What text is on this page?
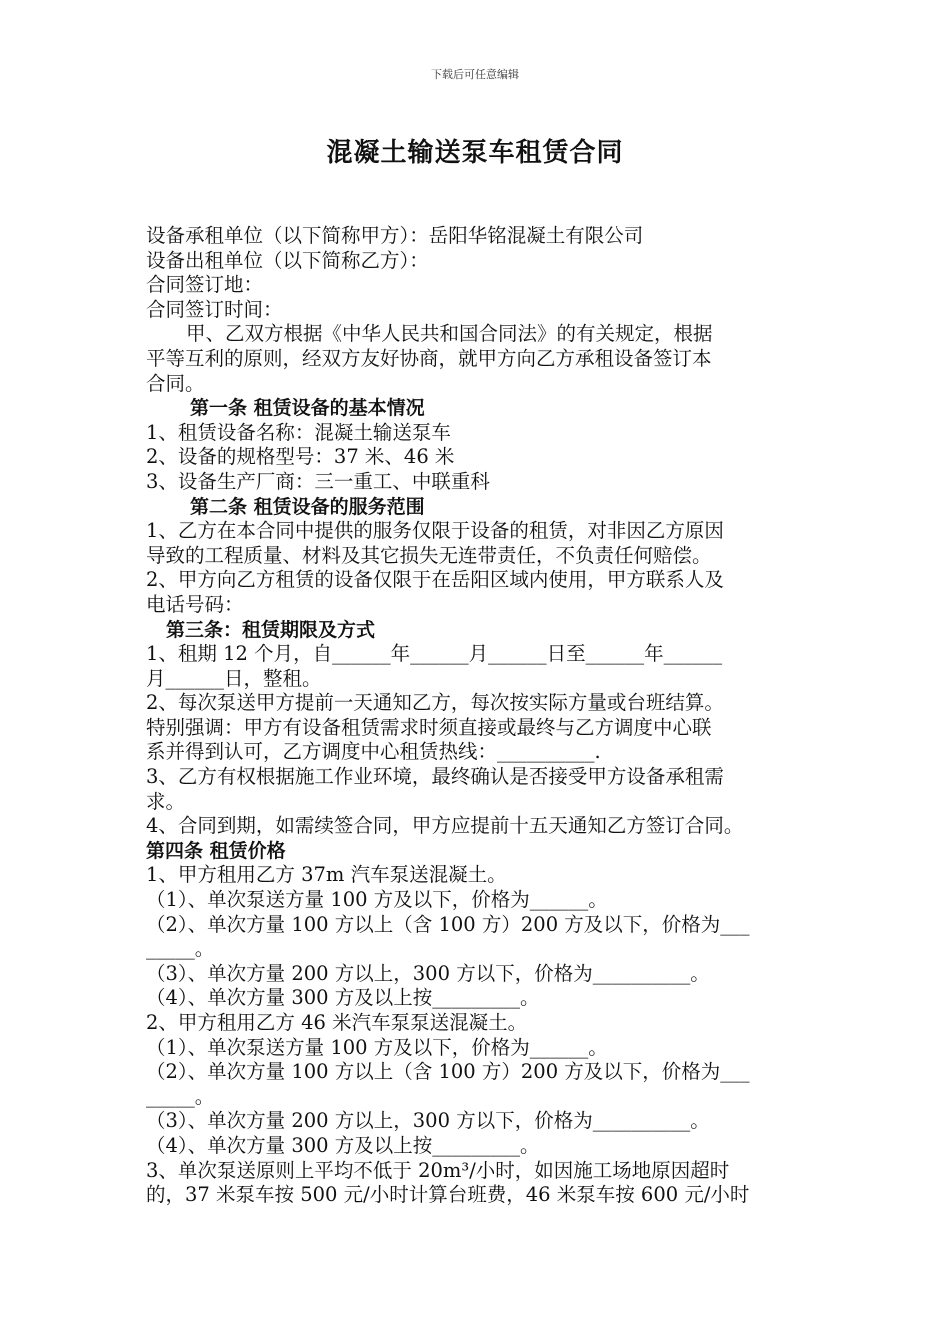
下载后可任意编辑
混凝土输送泵车租赁合同
设备承租单位（以下简称甲方）：岳阳华铭混凝土有限公司
设备出租单位（以下简称乙方）：
合同签订地：
合同签订时间：
甲、乙双方根据《中华人民共和国合同法》的有关规定，根据
平等互利的原则，经双方友好协商，就甲方向乙方承租设备签订本
合同。
第一条 租赁设备的基本情况
1、租赁设备名称：混凝土输送泵车
2、设备的规格型号：37 米、46 米
3、设备生产厂商：三一重工、中联重科
第二条 租赁设备的服务范围
1、乙方在本合同中提供的服务仅限于设备的租赁，对非因乙方原因
导致的工程质量、材料及其它损失无连带责任，不负责任何赔偿。
2、甲方向乙方租赁的设备仅限于在岳阳区域内使用，甲方联系人及
电话号码：
第三条：租赁期限及方式
1、租期 12 个月，自______年______月______日至______年______
月______日，整租。
2、每次泵送甲方提前一天通知乙方，每次按实际方量或台班结算。
特别强调：甲方有设备租赁需求时须直接或最终与乙方调度中心联
系并得到认可，乙方调度中心租赁热线：__________.
3、乙方有权根据施工作业环境，最终确认是否接受甲方设备承租需
求。
4、合同到期，如需续签合同，甲方应提前十五天通知乙方签订合同。
第四条 租赁价格
1、甲方租用乙方 37m 汽车泵送混凝土。
（1）、单次泵送方量 100 方及以下，价格为______。
（2）、单次方量 100 方以上（含 100 方）200 方及以下，价格为___
_____。
（3）、单次方量 200 方以上，300 方以下，价格为__________。
（4）、单次方量 300 方及以上按_________。
2、甲方租用乙方 46 米汽车泵泵送混凝土。
（1）、单次泵送方量 100 方及以下，价格为______。
（2）、单次方量 100 方以上（含 100 方）200 方及以下，价格为___
_____。
（3）、单次方量 200 方以上，300 方以下，价格为__________。
（4）、单次方量 300 方及以上按_________。
3、单次泵送原则上平均不低于 20m³/小时，如因施工场地原因超时
的，37 米泵车按 500 元/小时计算台班费，46 米泵车按 600 元/小时
